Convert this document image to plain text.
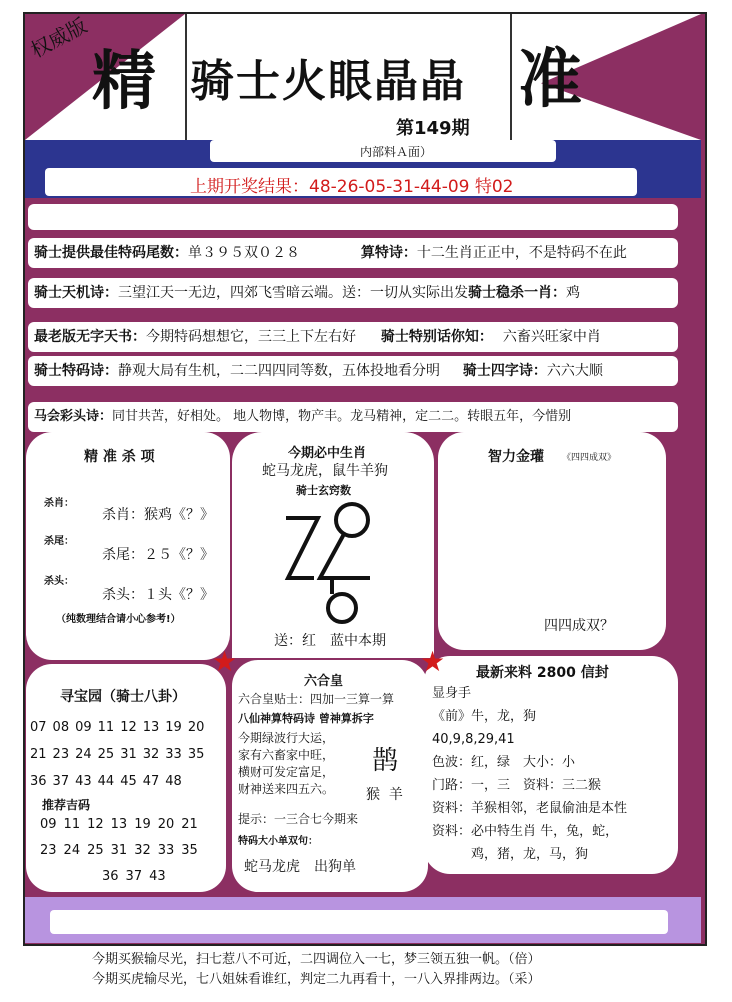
权威版
精 骑士火眼晶晶 准
第149期
内部料Ａ面）
上期开奖结果：48-26-05-31-44-09 特02
骑士提供最佳特码尾数：单３９５双０２８	算特诗：十二生肖正正中，不是特码不在此
骑士天机诗：三望江天一无边，四郊飞雪暗云端。送：一切从实际出发骑士稳杀一肖：鸡
最老版无字天书：今期特码想想它，三三上下左右好 骑士特别话你知： 六畜兴旺家中肖
骑士特码诗：静观大局有生机，二二四四同等数，五体投地看分明 骑士四字诗：六六大顺
马会彩头诗：同甘共苦，好相处。 地人物博，物产丰。龙马精神，定二二。转眼五年，今惜别
精 准 杀 项
杀肖：
杀肖：猴鸡《？》
杀尾：
杀尾：２５《？》
杀头：
杀头：１头《？》
（纯数理结合请小心参考!）
今期必中生肖
蛇马龙虎，鼠牛羊狗
骑士玄窍数
送：红　蓝中本期
智力金瓘 《四四成双》
四四成双？
寻宝园（骑士八卦）
07 08 09 11 12 13 19 20
21 23 24 25 31 32 33 35
36 37 43 44 45 47 48
推荐吉码
09 11 12 13 19 20 21
23 24 25 31 32 33 35
36 37 43
六合皇
六合皇贴士：四加一三算一算
八仙神算特码诗 曾神算拆字
今期绿波行大运，
家有六畜家中旺，
横财可发定富足，
财神送来四五六。
鹊
猴  羊
提示：一三合七今期来
特码大小单双句：
蛇马龙虎　出狗单
最新来料 2800 信封
显身手
《前》牛，龙，狗
40,9,8,29,41
色波：红，绿　大小：小
门路：一，三　资料：三二猴
资料：羊猴相邻，老鼠偷油是本性
资料：必中特生肖 牛，兔，蛇，
　　　鸡，猪，龙，马，狗
★	★
今期买猴输尽光，扫七惹八不可近，二四调位入一七，梦三领五独一帆。（倍）
今期买虎输尽光，七八姐妹看谁红，判定二九再看十，一八入界排两边。（采）
